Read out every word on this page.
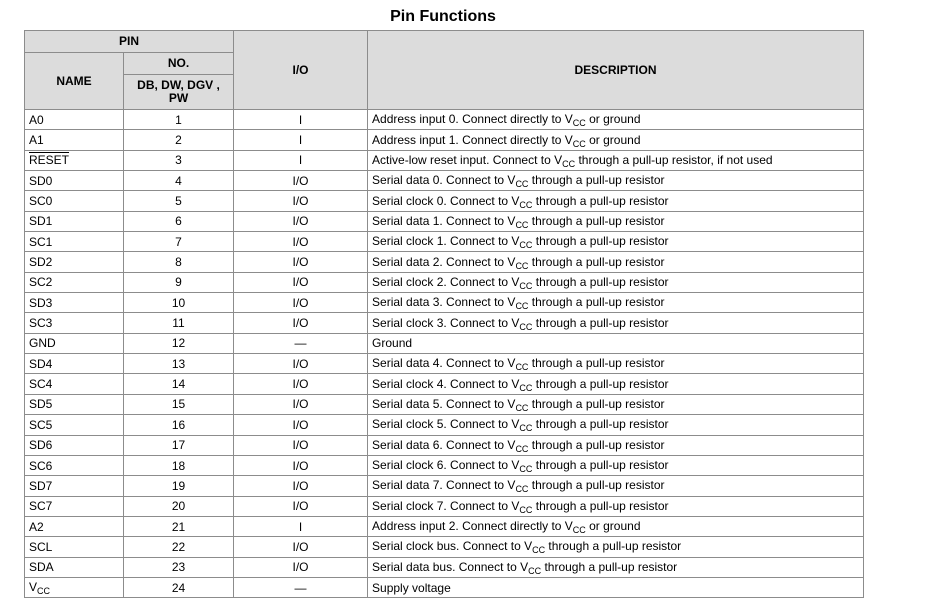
Pin Functions
PIN		I/O	DESCRIPTION
NAME	NO.		
	DB, DW, DGV , PW		
A0	1	I	Address input 0. Connect directly to $V_{CC}$ or ground
A1	2	I	Address input 1. Connect directly to $V_{CC}$ or ground
RESET	3	I	Active-low reset input. Connect to $V_{CC}$ through a pull-up resistor, if not used
SD0	4	I/O	Serial data 0. Connect to $V_{CC}$ through a pull-up resistor
SC0	5	I/O	Serial clock 0. Connect to $V_{CC}$ through a pull-up resistor
SD1	6	I/O	Serial data 1. Connect to $V_{CC}$ through a pull-up resistor
SC1	7	I/O	Serial clock 1. Connect to $V_{CC}$ through a pull-up resistor
SD2	8	I/O	Serial data 2. Connect to $V_{CC}$ through a pull-up resistor
SC2	9	I/O	Serial clock 2. Connect to $V_{CC}$ through a pull-up resistor
SD3	10	I/O	Serial data 3. Connect to $V_{CC}$ through a pull-up resistor
SC3	11	I/O	Serial clock 3. Connect to $V_{CC}$ through a pull-up resistor
GND	12	—	Ground
SD4	13	I/O	Serial data 4. Connect to $V_{CC}$ through a pull-up resistor
SC4	14	I/O	Serial clock 4. Connect to $V_{CC}$ through a pull-up resistor
SD5	15	I/O	Serial data 5. Connect to $V_{CC}$ through a pull-up resistor
SC5	16	I/O	Serial clock 5. Connect to $V_{CC}$ through a pull-up resistor
SD6	17	I/O	Serial data 6. Connect to $V_{CC}$ through a pull-up resistor
SC6	18	I/O	Serial clock 6. Connect to $V_{CC}$ through a pull-up resistor
SD7	19	I/O	Serial data 7. Connect to $V_{CC}$ through a pull-up resistor
SC7	20	I/O	Serial clock 7. Connect to $V_{CC}$ through a pull-up resistor
A2	21	I	Address input 2. Connect directly to $V_{CC}$ or ground
SCL	22	I/O	Serial clock bus. Connect to $V_{CC}$ through a pull-up resistor
SDA	23	I/O	Serial data bus. Connect to $V_{CC}$ through a pull-up resistor
$V_{CC}$	24	—	Supply voltage
